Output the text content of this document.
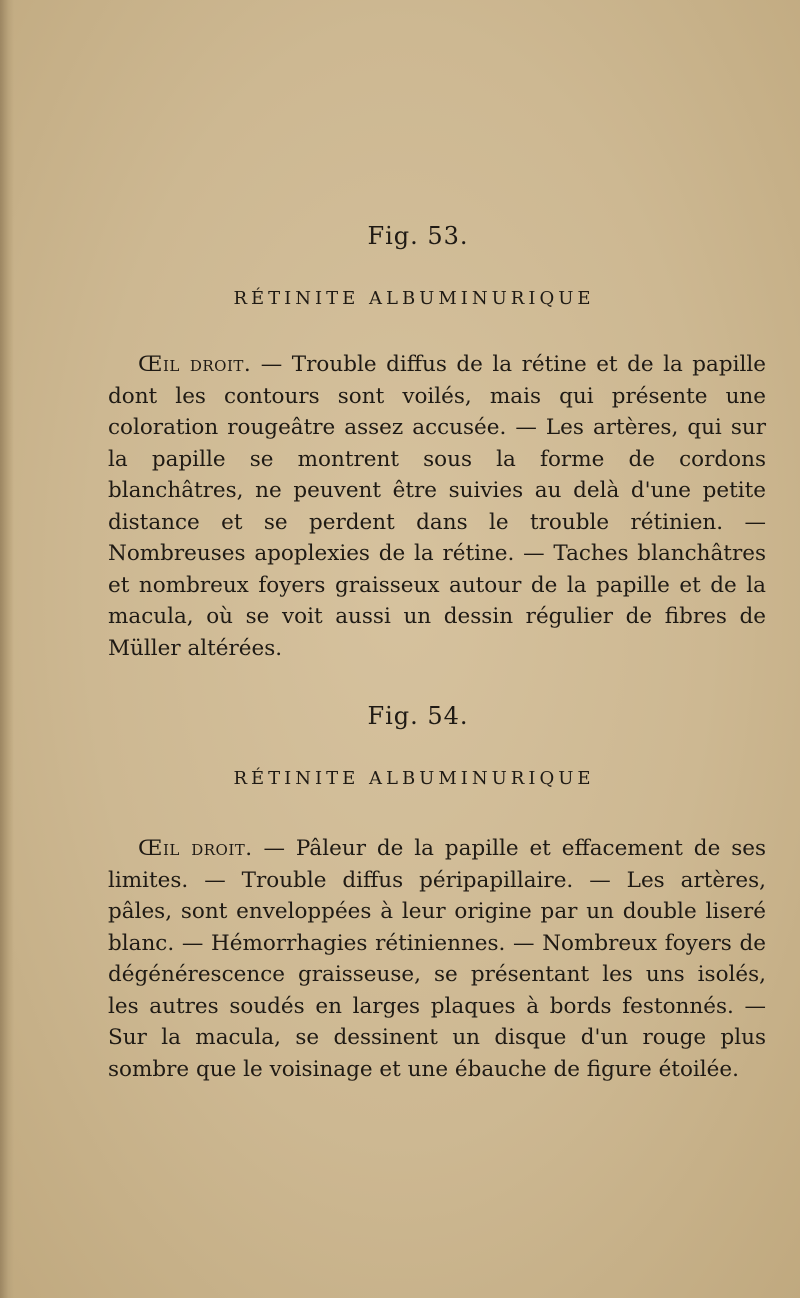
Fig. 53.
RÉTINITE ALBUMINURIQUE
Œil droit. — Trouble diffus de la rétine et de la papille dont les contours sont voilés, mais qui présente une coloration rougeâtre assez accusée. — Les artères, qui sur la papille se montrent sous la forme de cordons blanchâtres, ne peuvent être suivies au delà d'une petite distance et se perdent dans le trouble rétinien. — Nombreuses apoplexies de la rétine. — Taches blanchâtres et nombreux foyers graisseux autour de la papille et de la macula, où se voit aussi un dessin régulier de fibres de Müller altérées.
Fig. 54.
RÉTINITE ALBUMINURIQUE
Œil droit. — Pâleur de la papille et effacement de ses limites. — Trouble diffus péripapillaire. — Les artères, pâles, sont enveloppées à leur origine par un double liseré blanc. — Hémorrhagies rétiniennes. — Nombreux foyers de dégénérescence graisseuse, se présentant les uns isolés, les autres soudés en larges plaques à bords festonnés. — Sur la macula, se dessinent un disque d'un rouge plus sombre que le voisinage et une ébauche de figure étoilée.
